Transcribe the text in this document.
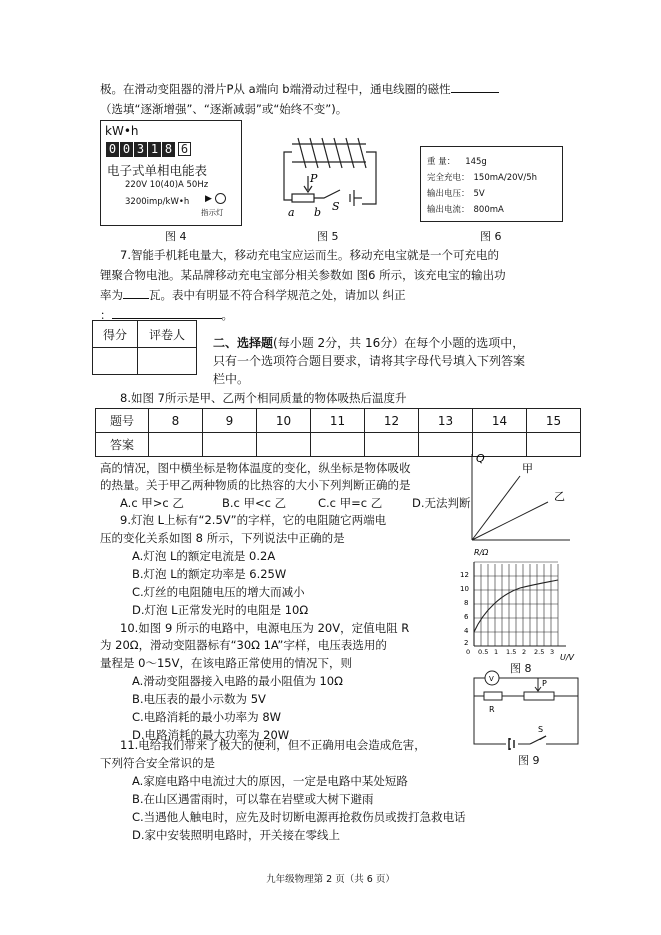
极。在滑动变阻器的滑片P从 a端向 b端滑动过程中，通电线圈的磁性
（选填“逐渐增强”、“逐渐减弱”或“始终不变”)。
kW•h
0 0 3 1 8 6
电子式单相电能表
220V 10(40)A 50Hz
3200imp/kW•h ▶
指示灯
图 4
P
a b S
图 5
重 量： 145g
完全充电： 150mA/20V/5h
输出电压： 5V
输出电流： 800mA
图 6
7.智能手机耗电量大，移动充电宝应运而生。移动充电宝就是一个可充电的
锂聚合物电池。某品牌移动充电宝部分相关参数如 图6 所示，该充电宝的输出功
率为 瓦。表中有明显不符合科学规范之处，请加以 纠正
：	。
得分	评卷人

二、选择题(每小题 2分，共 16分）在每个小题的选项中，
只有一个选项符合题目要求，请将其字母代号填入下列答案
栏中。
8.如图 7所示是甲、乙两个相同质量的物体吸热后温度升
题号	8	9	10	11	12	13	14	15
答案								
高的情况，图中横坐标是物体温度的变化，纵坐标是物体吸收
的热量。关于甲乙两种物质的比热容的大小下列判断正确的是
A.c 甲>c 乙	B.c 甲<c 乙	C.c 甲=c 乙	D.无法判断
Q
甲
乙
9.灯泡 L上标有“2.5V”的字样，它的电阻随它两端电
压的变化关系如图 8 所示，下列说法中正确的是
A.灯泡 L的额定电流是 0.2A
B.灯泡 L的额定功率是 6.25W
C.灯丝的电阻随电压的增大而减小
D.灯泡 L正常发光时的电阻是 10Ω
R/Ω
U/V
12
10
8
6
4
2
0 0.5 1 1.5 2 2.5 3
图 8
10.如图 9 所示的电路中，电源电压为 20V，定值电阻 R
为 20Ω，滑动变阻器标有“30Ω 1A”字样，电压表选用的
量程是 0～15V，在该电路正常使用的情况下，则
A.滑动变阻器接入电路的最小阻值为 10Ω
B.电压表的最小示数为 5V
C.电路消耗的最小功率为 8W
D.电路消耗的最大功率为 20W
V	P
R
S
图 9
11.电给我们带来了极大的便利，但不正确用电会造成危害，
下列符合安全常识的是
A.家庭电路中电流过大的原因，一定是电路中某处短路
B.在山区遇雷雨时，可以靠在岩壁或大树下避雨
C.当遇他人触电时，应先及时切断电源再抢救伤员或拨打急救电话
D.家中安装照明电路时，开关接在零线上
九年级物理第 2 页（共 6 页）
